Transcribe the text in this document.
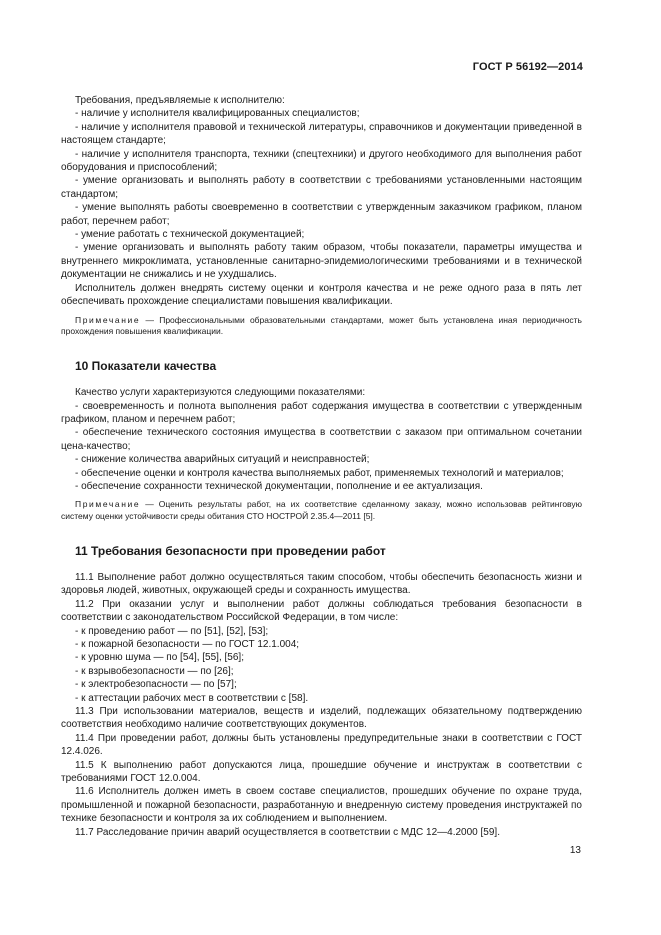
ГОСТ Р 56192—2014

Требования, предъявляемые к исполнителю:

- наличие у исполнителя квалифицированных специалистов;

- наличие у исполнителя правовой и технической литературы, справочников и документации приведенной в настоящем стандарте;

- наличие у исполнителя транспорта, техники (спецтехники) и другого необходимого для выполнения работ оборудования и приспособлений;

- умение организовать и выполнять работу в соответствии с требованиями установленными настоящим стандартом;

- умение выполнять работы своевременно в соответствии с утвержденным заказчиком графиком, планом работ, перечнем работ;

- умение работать с технической документацией;

- умение организовать и выполнять работу таким образом, чтобы показатели, параметры имущества и внутреннего микроклимата, установленные санитарно-эпидемиологическими требованиями и в технической документации не снижались и не ухудшались.

Исполнитель должен внедрять систему оценки и контроля качества и не реже одного раза в пять лет обеспечивать прохождение специалистами повышения квалификации.

Примечание — Профессиональными образовательными стандартами, может быть установлена иная периодичность прохождения повышения квалификации.

10 Показатели качества

Качество услуги характеризуются следующими показателями:

- своевременность и полнота выполнения работ содержания имущества в соответствии с утвержденным графиком, планом и перечнем работ;

- обеспечение технического состояния имущества в соответствии с заказом при оптимальном сочетании цена-качество;

- снижение количества аварийных ситуаций и неисправностей;

- обеспечение оценки и контроля качества выполняемых работ, применяемых технологий и материалов;

- обеспечение сохранности технической документации, пополнение и ее актуализация.

Примечание — Оценить результаты работ, на их соответствие сделанному заказу, можно использовав рейтинговую систему оценки устойчивости среды обитания СТО НОСТРОЙ 2.35.4—2011 [5].

11 Требования безопасности при проведении работ

11.1 Выполнение работ должно осуществляться таким способом, чтобы обеспечить безопасность жизни и здоровья людей, животных, окружающей среды и сохранность имущества.

11.2 При оказании услуг и выполнении работ должны соблюдаться требования безопасности в соответствии с законодательством Российской Федерации, в том числе:

- к проведению работ — по [51], [52], [53];

- к пожарной безопасности — по ГОСТ 12.1.004;

- к уровню шума — по [54], [55], [56];

- к взрывобезопасности — по [26];

- к электробезопасности — по [57];

- к аттестации рабочих мест в соответствии с [58].

11.3 При использовании материалов, веществ и изделий, подлежащих обязательному подтверждению соответствия необходимо наличие соответствующих документов.

11.4 При проведении работ, должны быть установлены предупредительные знаки в соответствии с ГОСТ 12.4.026.

11.5 К выполнению работ допускаются лица, прошедшие обучение и инструктаж в соответствии с требованиями ГОСТ 12.0.004.

11.6 Исполнитель должен иметь в своем составе специалистов, прошедших обучение по охране труда, промышленной и пожарной безопасности, разработанную и внедренную систему проведения инструктажей по технике безопасности и контроля за их соблюдением и выполнением.

11.7 Расследование причин аварий осуществляется в соответствии с МДС 12—4.2000 [59].

13
